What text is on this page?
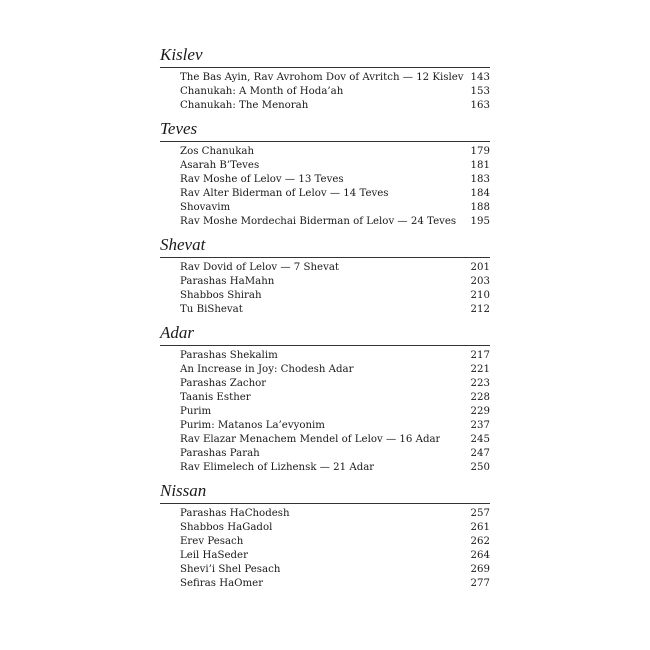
Kislev
The Bas Ayin, Rav Avrohom Dov of Avritch — 12 Kislev 143
Chanukah: A Month of Hoda’ah	153
Chanukah: The Menorah	163
Teves
Zos Chanukah	179
Asarah B’Teves	181
Rav Moshe of Lelov — 13 Teves	183
Rav Alter Biderman of Lelov — 14 Teves	184
Shovavim	188
Rav Moshe Mordechai Biderman of Lelov — 24 Teves	195
Shevat
Rav Dovid of Lelov — 7 Shevat	201
Parashas HaMahn	203
Shabbos Shirah	210
Tu BiShevat	212
Adar
Parashas Shekalim	217
An Increase in Joy: Chodesh Adar	221
Parashas Zachor	223
Taanis Esther	228
Purim	229
Purim: Matanos La’evyonim	237
Rav Elazar Menachem Mendel of Lelov — 16 Adar	245
Parashas Parah	247
Rav Elimelech of Lizhensk — 21 Adar	250
Nissan
Parashas HaChodesh	257
Shabbos HaGadol	261
Erev Pesach	262
Leil HaSeder	264
Shevi’i Shel Pesach	269
Sefiras HaOmer	277
